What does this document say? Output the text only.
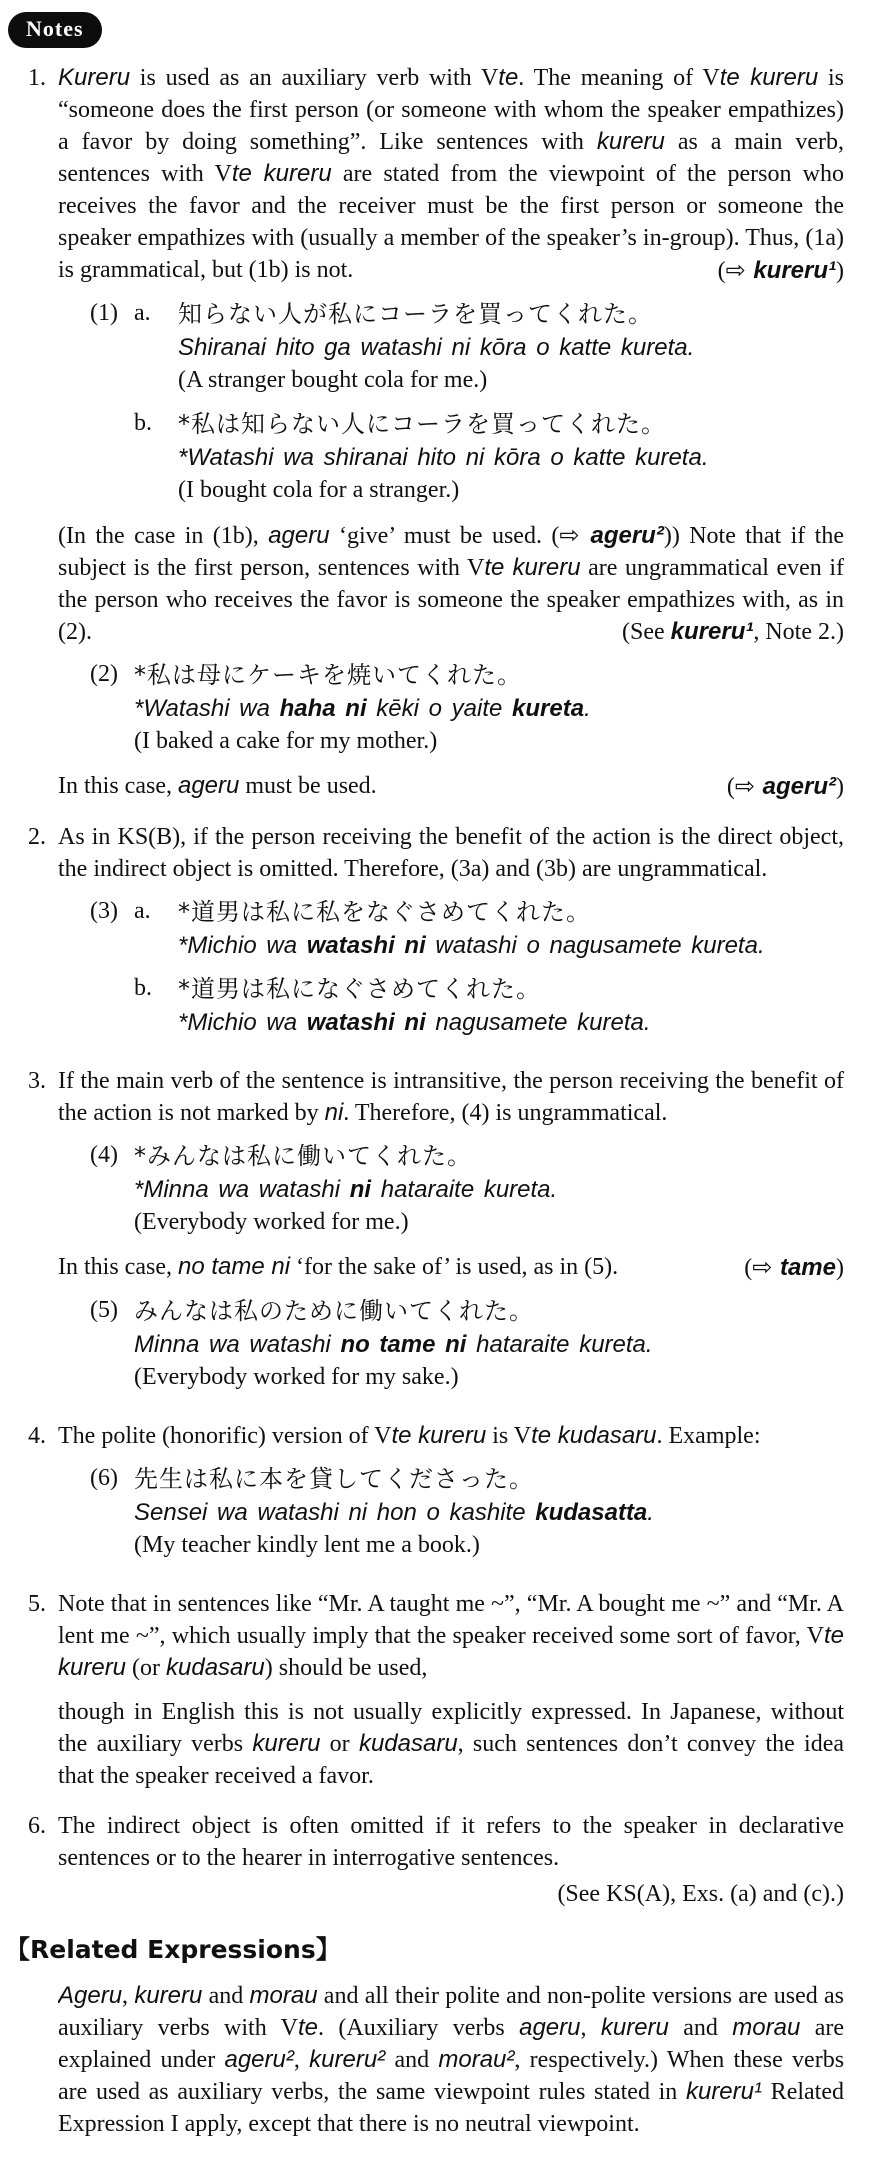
Notes
1. Kureru is used as an auxiliary verb with Vte. The meaning of Vte kureru is “someone does the first person (or someone with whom the speaker empathizes) a favor by doing something”. Like sentences with kureru as a main verb, sentences with Vte kureru are stated from the viewpoint of the person who receives the favor and the receiver must be the first person or someone the speaker empathizes with (usually a member of the speaker’s in-group). Thus, (1a) is grammatical, but (1b) is not.	(⇨ kureru¹)

(1) a.	知らない人が私にコーラを買ってくれた。
Shiranai hito ga watashi ni kōra o katte kureta.
(A stranger bought cola for me.)
b.	*私は知らない人にコーラを買ってくれた。
*Watashi wa shiranai hito ni kōra o katte kureta.
(I bought cola for a stranger.)

(In the case in (1b), ageru ‘give’ must be used. (⇨ ageru²)) Note that if the subject is the first person, sentences with Vte kureru are ungrammatical even if the person who receives the favor is someone the speaker empathizes with, as in (2).	(See kureru¹, Note 2.)

(2) *私は母にケーキを焼いてくれた。
*Watashi wa haha ni kēki o yaite kureta.
(I baked a cake for my mother.)

In this case, ageru must be used.	(⇨ ageru²)

2. As in KS(B), if the person receiving the benefit of the action is the direct object, the indirect object is omitted. Therefore, (3a) and (3b) are ungrammatical.

(3) a.	*道男は私に私をなぐさめてくれた。
*Michio wa watashi ni watashi o nagusamete kureta.
b.	*道男は私になぐさめてくれた。
*Michio wa watashi ni nagusamete kureta.
3. If the main verb of the sentence is intransitive, the person receiving the benefit of the action is not marked by ni. Therefore, (4) is ungrammatical.

(4) *みんなは私に働いてくれた。
*Minna wa watashi ni hataraite kureta.
(Everybody worked for me.)

In this case, no tame ni ‘for the sake of’ is used, as in (5).	(⇨ tame)

(5) みんなは私のために働いてくれた。
Minna wa watashi no tame ni hataraite kureta.
(Everybody worked for my sake.)
4. The polite (honorific) version of Vte kureru is Vte kudasaru. Example:

(6) 先生は私に本を貸してくださった。
Sensei wa watashi ni hon o kashite kudasatta.
(My teacher kindly lent me a book.)
5. Note that in sentences like “Mr. A taught me ~”, “Mr. A bought me ~” and “Mr. A lent me ~”, which usually imply that the speaker received some sort of favor, Vte kureru (or kudasaru) should be used,

though in English this is not usually explicitly expressed. In Japanese, without the auxiliary verbs kureru or kudasaru, such sentences don’t convey the idea that the speaker received a favor.

6. The indirect object is often omitted if it refers to the speaker in declarative sentences or to the hearer in interrogative sentences.

(See KS(A), Exs. (a) and (c).)
【Related Expressions】

Ageru, kureru and morau and all their polite and non-polite versions are used as auxiliary verbs with Vte. (Auxiliary verbs ageru, kureru and morau are explained under ageru², kureru² and morau², respectively.) When these verbs are used as auxiliary verbs, the same viewpoint rules stated in kureru¹ Related Expression I apply, except that there is no neutral viewpoint.
